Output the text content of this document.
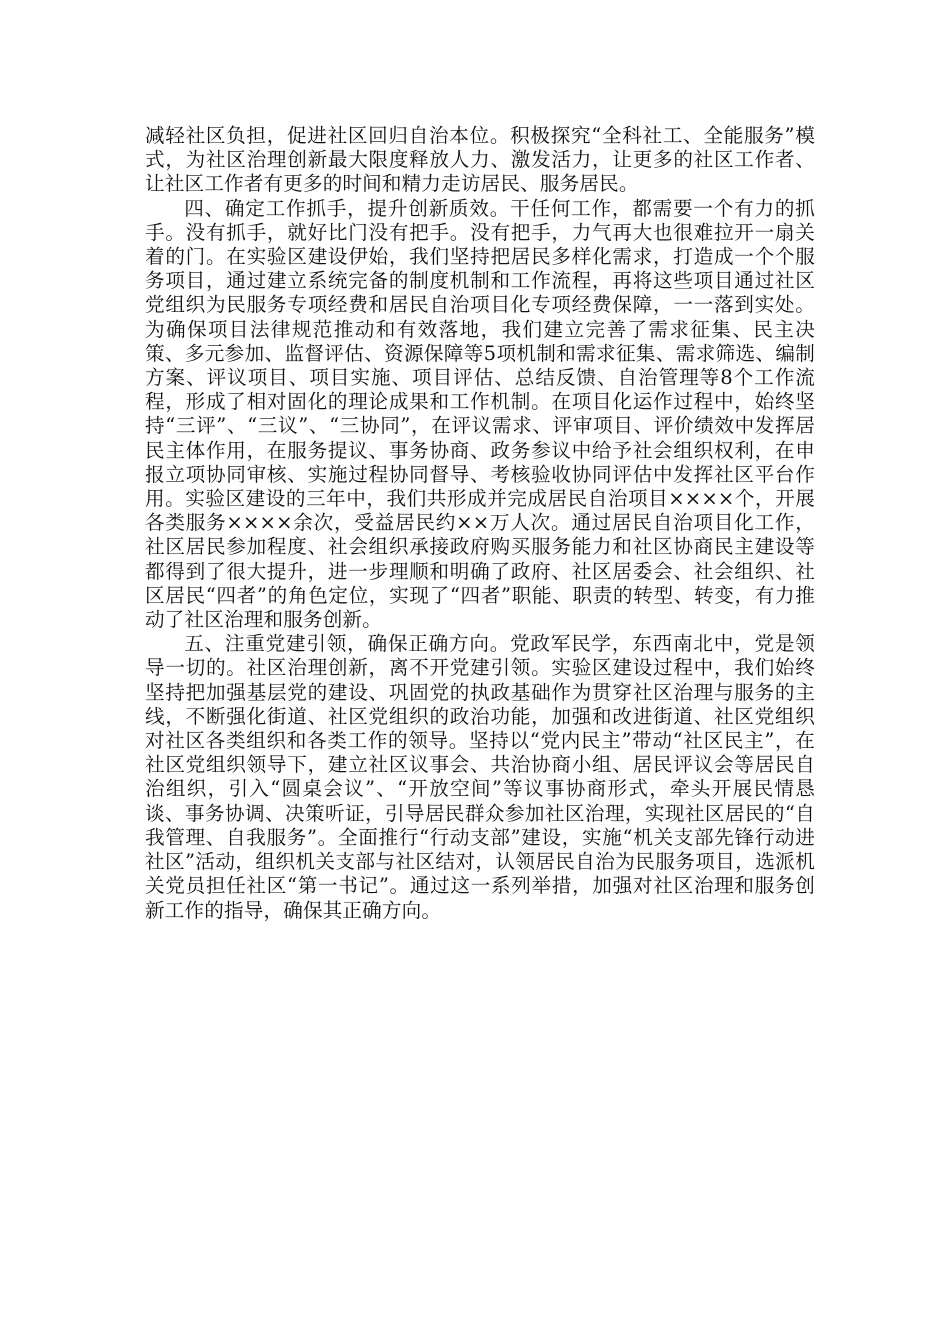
减轻社区负担，促进社区回归自治本位。积极探究“全科社工、全能服务”模式，为社区治理创新最大限度释放人力、激发活力，让更多的社区工作者、让社区工作者有更多的时间和精力走访居民、服务居民。

四、确定工作抓手，提升创新质效。干任何工作，都需要一个有力的抓手。没有抓手，就好比门没有把手。没有把手，力气再大也很难拉开一扇关着的门。在实验区建设伊始，我们坚持把居民多样化需求，打造成一个个服务项目，通过建立系统完备的制度机制和工作流程，再将这些项目通过社区党组织为民服务专项经费和居民自治项目化专项经费保障，一一落到实处。为确保项目法律规范推动和有效落地，我们建立完善了需求征集、民主决策、多元参加、监督评估、资源保障等5项机制和需求征集、需求筛选、编制方案、评议项目、项目实施、项目评估、总结反馈、自治管理等8个工作流程，形成了相对固化的理论成果和工作机制。在项目化运作过程中，始终坚持“三评”、“三议”、“三协同”，在评议需求、评审项目、评价绩效中发挥居民主体作用，在服务提议、事务协商、政务参议中给予社会组织权利，在申报立项协同审核、实施过程协同督导、考核验收协同评估中发挥社区平台作用。实验区建设的三年中，我们共形成并完成居民自治项目××××个，开展各类服务××××余次，受益居民约××万人次。通过居民自治项目化工作，社区居民参加程度、社会组织承接政府购买服务能力和社区协商民主建设等都得到了很大提升，进一步理顺和明确了政府、社区居委会、社会组织、社区居民“四者”的角色定位，实现了“四者”职能、职责的转型、转变，有力推动了社区治理和服务创新。

五、注重党建引领，确保正确方向。党政军民学，东西南北中，党是领导一切的。社区治理创新，离不开党建引领。实验区建设过程中，我们始终坚持把加强基层党的建设、巩固党的执政基础作为贯穿社区治理与服务的主线，不断强化街道、社区党组织的政治功能，加强和改进街道、社区党组织对社区各类组织和各类工作的领导。坚持以“党内民主”带动“社区民主”，在社区党组织领导下，建立社区议事会、共治协商小组、居民评议会等居民自治组织，引入“圆桌会议”、“开放空间”等议事协商形式，牵头开展民情恳谈、事务协调、决策听证，引导居民群众参加社区治理，实现社区居民的“自我管理、自我服务”。全面推行“行动支部”建设，实施“机关支部先锋行动进社区”活动，组织机关支部与社区结对，认领居民自治为民服务项目，选派机关党员担任社区“第一书记”。通过这一系列举措，加强对社区治理和服务创新工作的指导，确保其正确方向。
